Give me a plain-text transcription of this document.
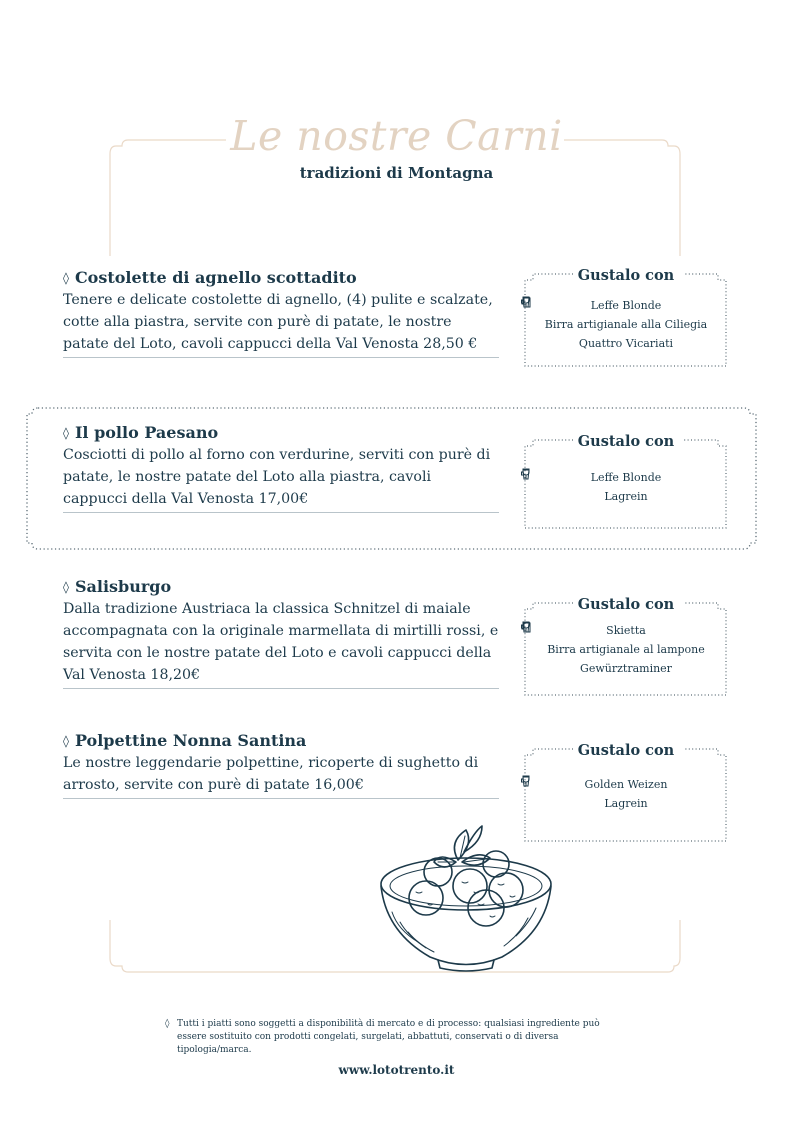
Le nostre Carni
tradizioni di Montagna
◊ Costolette di agnello scottadito
Tenere e delicate costolette di agnello, (4) pulite e scalzate, cotte alla piastra, servite con purè di patate, le nostre patate del Loto, cavoli cappucci della Val Venosta 28,50 €
Gustalo con
Leffe Blonde
Birra artigianale alla Ciliegia
Quattro Vicariati
◊ Il pollo Paesano
Cosciotti di pollo al forno con verdurine, serviti con purè di patate, le nostre patate del Loto alla piastra, cavoli cappucci della Val Venosta 17,00€
Gustalo con
Leffe Blonde
Lagrein
◊ Salisburgo
Dalla tradizione Austriaca la classica Schnitzel di maiale accompagnata con la originale marmellata di mirtilli rossi, e servita con le nostre patate del Loto e cavoli cappucci della Val Venosta 18,20€
Gustalo con
Skietta
Birra artigianale al lampone
Gewürztraminer
◊ Polpettine Nonna Santina
Le nostre leggendarie polpettine, ricoperte di sughetto di arrosto, servite con purè di patate 16,00€
Gustalo con
Golden Weizen
Lagrein
◊ Tutti i piatti sono soggetti a disponibilità di mercato e di processo: qualsiasi ingrediente può essere sostituito con prodotti congelati, surgelati, abbattuti, conservati o di diversa tipologia/marca.
www.lototrento.it
